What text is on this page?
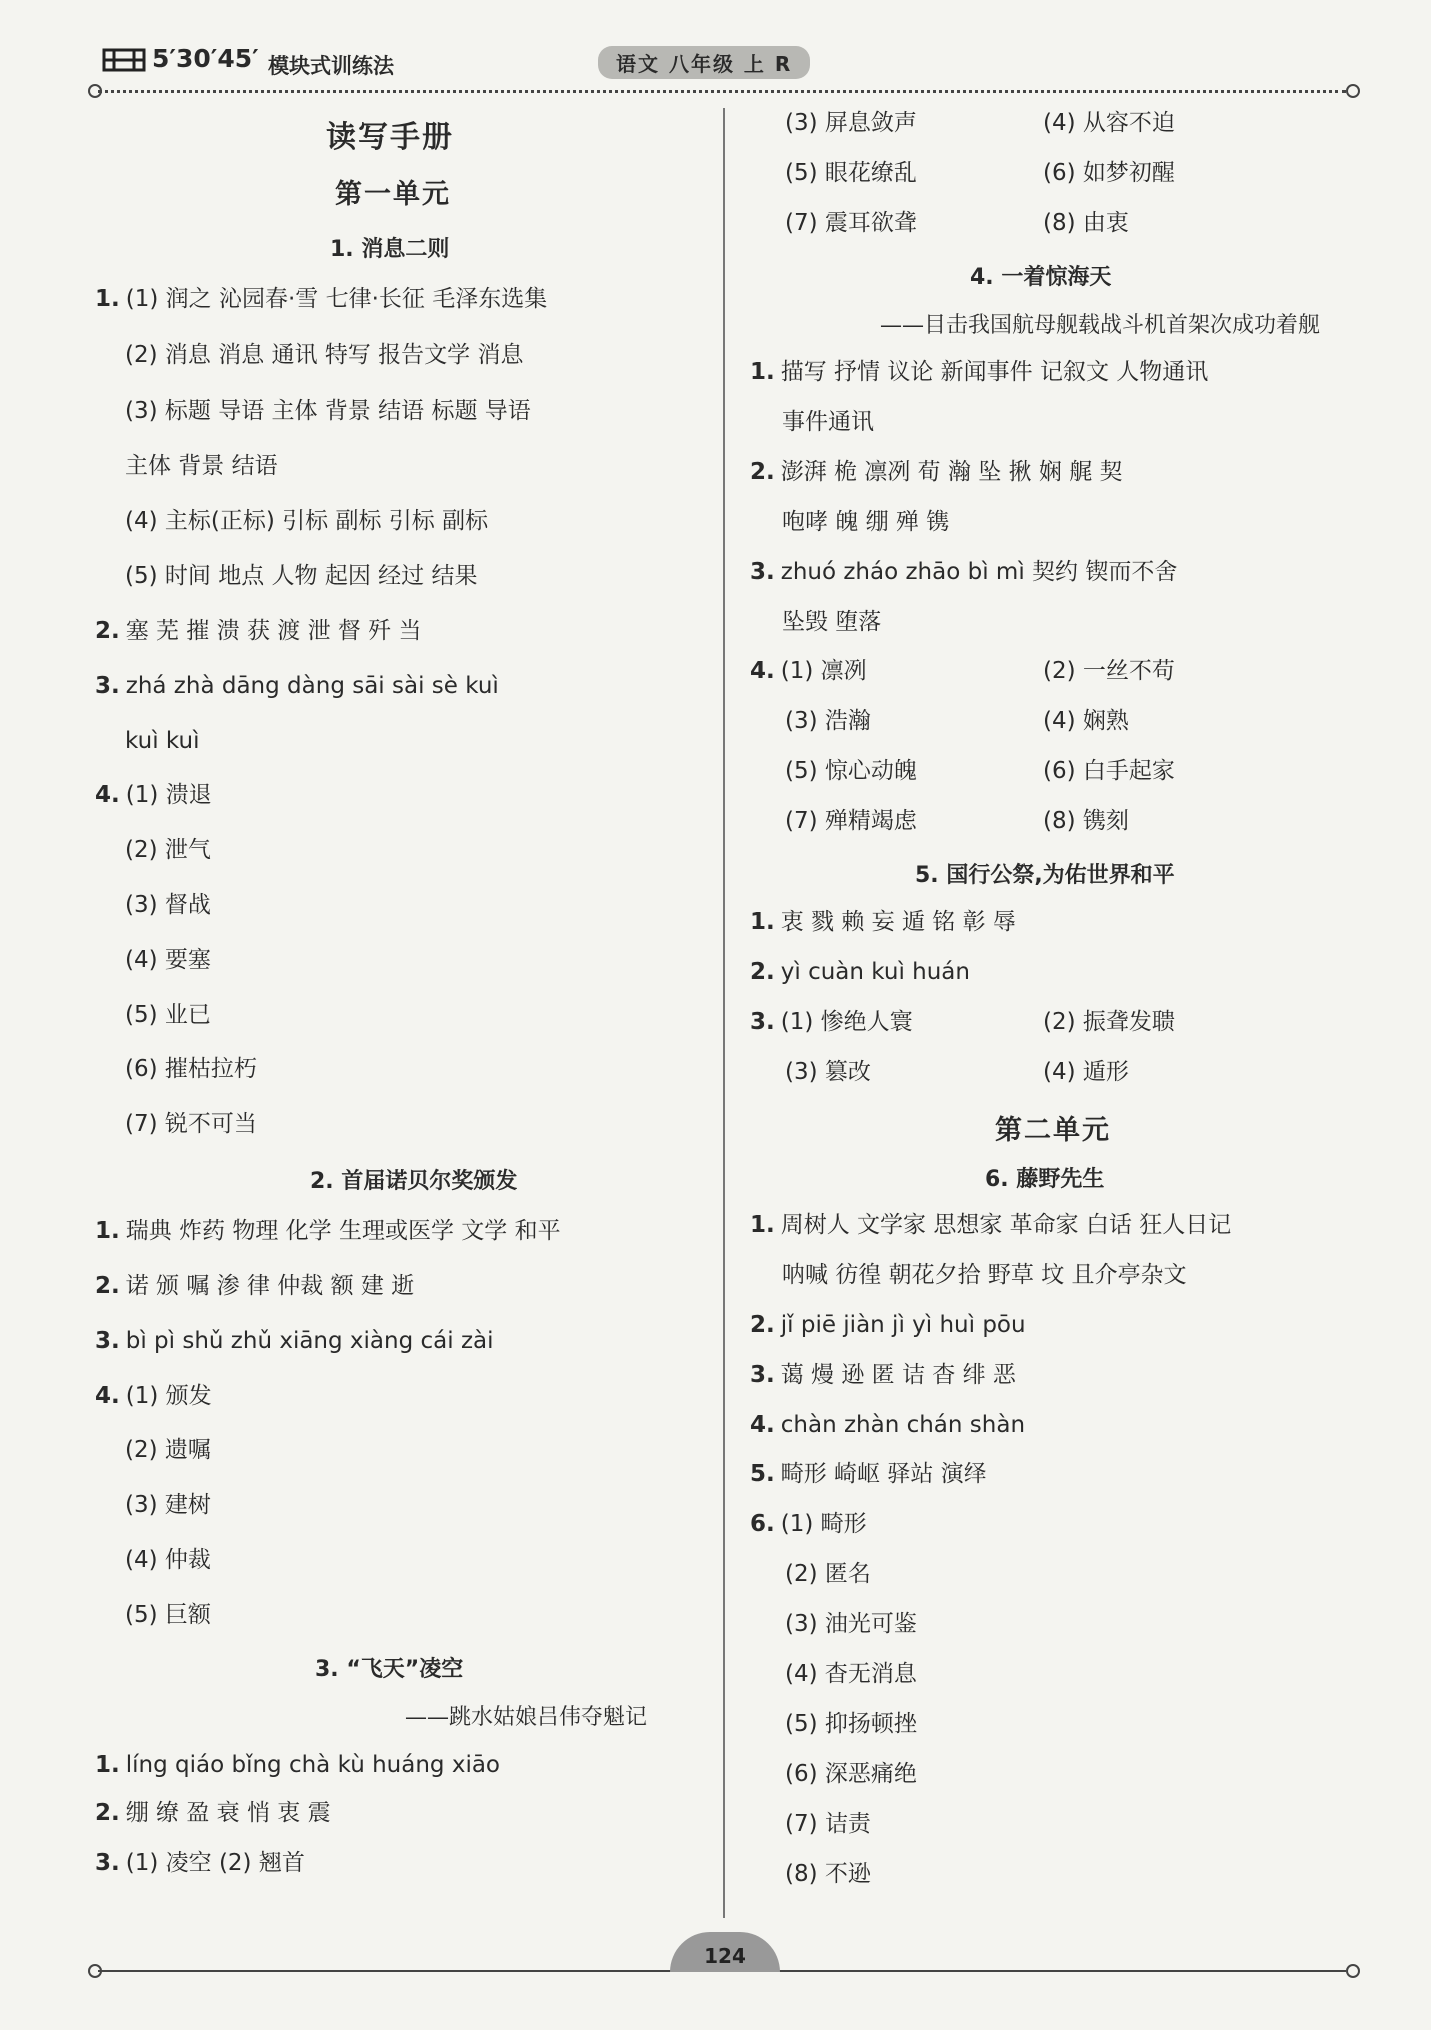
5′30′45′ 模块式训练法	语文 八年级 上 R
读写手册
第一单元
1. 消息二则
1. (1) 润之 沁园春·雪 七律·长征 毛泽东选集
(2) 消息 消息 通讯 特写 报告文学 消息
(3) 标题 导语 主体 背景 结语 标题 导语
主体 背景 结语
(4) 主标(正标) 引标 副标 引标 副标
(5) 时间 地点 人物 起因 经过 结果
2. 塞 芜 摧 溃 获 渡 泄 督 歼 当
3. zhá zhà dāng dàng sāi sài sè kuì
kuì kuì
4. (1) 溃退
(2) 泄气
(3) 督战
(4) 要塞
(5) 业已
(6) 摧枯拉朽
(7) 锐不可当
2. 首届诺贝尔奖颁发
1. 瑞典 炸药 物理 化学 生理或医学 文学 和平
2. 诺 颁 嘱 渗 律 仲裁 额 建 逝
3. bì pì shǔ zhǔ xiāng xiàng cái zài
4. (1) 颁发
(2) 遗嘱
(3) 建树
(4) 仲裁
(5) 巨额
3. “飞天”凌空
——跳水姑娘吕伟夺魁记
1. líng qiáo bǐng chà kù huáng xiāo
2. 绷 缭 盈 衰 悄 衷 震
3. (1) 凌空 (2) 翘首
(3) 屏息敛声	(4) 从容不迫
(5) 眼花缭乱	(6) 如梦初醒
(7) 震耳欲聋	(8) 由衷
4. 一着惊海天
——目击我国航母舰载战斗机首架次成功着舰
1. 描写 抒情 议论 新闻事件 记叙文 人物通讯
事件通讯
2. 澎湃 桅 凛冽 荀 瀚 坠 揪 娴 艉 契
咆哮 魄 绷 殚 镌
3. zhuó zháo zhāo bì mì 契约 锲而不舍
坠毁 堕落
4. (1) 凛冽	(2) 一丝不苟
(3) 浩瀚	(4) 娴熟
(5) 惊心动魄	(6) 白手起家
(7) 殚精竭虑	(8) 镌刻
5. 国行公祭,为佑世界和平
1. 衷 戮 赖 妄 遁 铭 彰 辱
2. yì cuàn kuì huán
3. (1) 惨绝人寰	(2) 振聋发聩
(3) 篡改	(4) 遁形
第二单元
6. 藤野先生
1. 周树人 文学家 思想家 革命家 白话 狂人日记
呐喊 彷徨 朝花夕拾 野草 坟 且介亭杂文
2. jǐ piē jiàn jì yì huì pōu
3. 蔼 熳 逊 匿 诘 杳 绯 恶
4. chàn zhàn chán shàn
5. 畸形 崎岖 驿站 演绎
6. (1) 畸形
(2) 匿名
(3) 油光可鉴
(4) 杳无消息
(5) 抑扬顿挫
(6) 深恶痛绝
(7) 诘责
(8) 不逊
124
